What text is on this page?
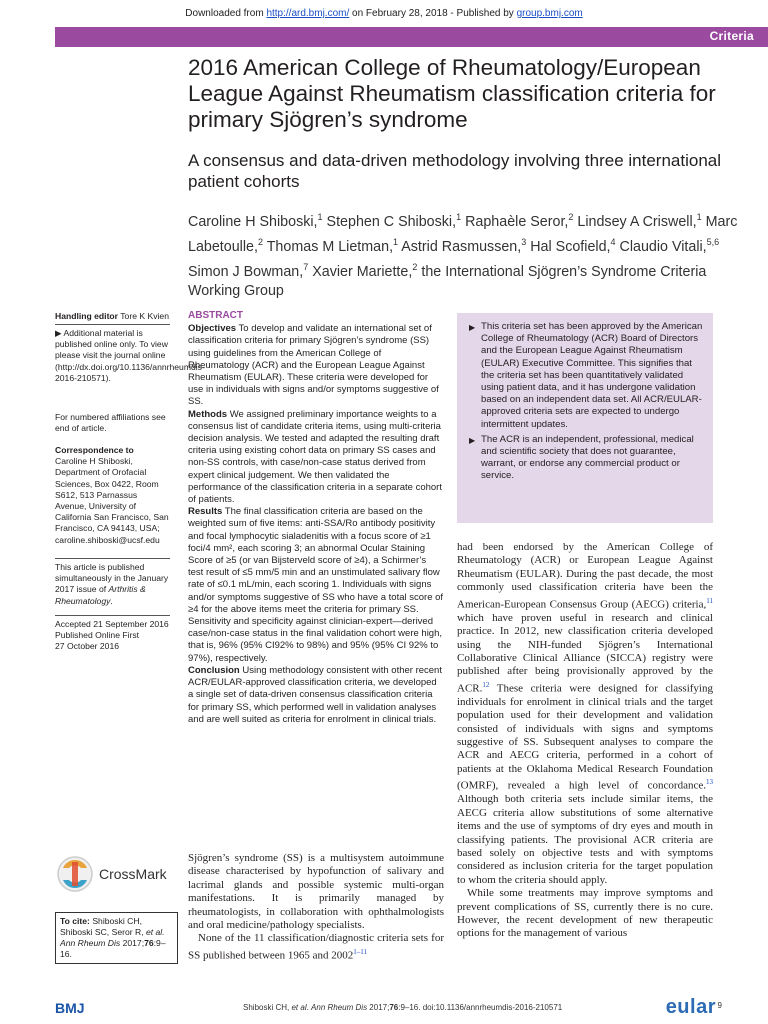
Downloaded from http://ard.bmj.com/ on February 28, 2018 - Published by group.bmj.com
Criteria
2016 American College of Rheumatology/European League Against Rheumatism classification criteria for primary Sjögren’s syndrome
A consensus and data-driven methodology involving three international patient cohorts
Caroline H Shiboski,$^1$ Stephen C Shiboski,$^1$ Raphaèle Seror,$^2$ Lindsey A Criswell,$^1$ Marc Labetoulle,$^2$ Thomas M Lietman,$^1$ Astrid Rasmussen,$^3$ Hal Scofield,$^4$ Claudio Vitali,$^{5,6}$ Simon J Bowman,$^7$ Xavier Mariette,$^2$ the International Sjögren’s Syndrome Criteria Working Group
Handling editor Tore K Kvien
▶ Additional material is published online only. To view please visit the journal online (http://dx.doi.org/10.1136/annrheumdis-2016-210571).
For numbered affiliations see end of article.
Correspondence to
Caroline H Shiboski, Department of Orofacial Sciences, Box 0422, Room S612, 513 Parnassus Avenue, University of California San Francisco, San Francisco, CA 94143, USA; caroline.shiboski@ucsf.edu
This article is published simultaneously in the January 2017 issue of Arthritis & Rheumatology.
Accepted 21 September 2016
Published Online First
27 October 2016
ABSTRACT

Objectives To develop and validate an international set of classification criteria for primary Sjögren’s syndrome (SS) using guidelines from the American College of Rheumatology (ACR) and the European League Against Rheumatism (EULAR). These criteria were developed for use in individuals with signs and/or symptoms suggestive of SS.

Methods We assigned preliminary importance weights to a consensus list of candidate criteria items, using multi-criteria decision analysis. We tested and adapted the resulting draft criteria using existing cohort data on primary SS cases and non-SS controls, with case/non-case status derived from expert clinical judgement. We then validated the performance of the classification criteria in a separate cohort of patients.

Results The final classification criteria are based on the weighted sum of five items: anti-SSA/Ro antibody positivity and focal lymphocytic sialadenitis with a focus score of ≥1 foci/4 mm², each scoring 3; an abnormal Ocular Staining Score of ≥5 (or van Bijsterveld score of ≥4), a Schirmer’s test result of ≤5 mm/5 min and an unstimulated salivary flow rate of ≤0.1 mL/min, each scoring 1. Individuals with signs and/or symptoms suggestive of SS who have a total score of ≥4 for the above items meet the criteria for primary SS. Sensitivity and specificity against clinician-expert—derived case/non-case status in the final validation cohort were high, that is, 96% (95% CI92% to 98%) and 95% (95% CI 92% to 97%), respectively.

Conclusion Using methodology consistent with other recent ACR/EULAR-approved classification criteria, we developed a single set of data-driven consensus classification criteria for primary SS, which performed well in validation analyses and are well suited as criteria for enrolment in clinical trials.

▶ This criteria set has been approved by the American College of Rheumatology (ACR) Board of Directors and the European League Against Rheumatism (EULAR) Executive Committee. This signifies that the criteria set has been quantitatively validated using patient data, and it has undergone validation based on an independent data set. All ACR/EULAR-approved criteria sets are expected to undergo intermittent updates.
▶ The ACR is an independent, professional, medical and scientific society that does not guarantee, warrant, or endorse any commercial product or service.

Sjögren’s syndrome (SS) is a multisystem autoimmune disease characterised by hypofunction of salivary and lacrimal glands and possible systemic multi-organ manifestations. It is primarily managed by rheumatologists, in collaboration with ophthalmologists and oral medicine/pathology specialists.

None of the 11 classification/diagnostic criteria sets for SS published between 1965 and 2002$^{1-11}$

had been endorsed by the American College of Rheumatology (ACR) or European League Against Rheumatism (EULAR). During the past decade, the most commonly used classification criteria have been the American-European Consensus Group (AECG) criteria,$^{11}$ which have proven useful in research and clinical practice. In 2012, new classification criteria developed using the NIH-funded Sjögren’s International Collaborative Clinical Alliance (SICCA) registry were published after being provisionally approved by the ACR.$^{12}$ These criteria were designed for classifying individuals for enrolment in clinical trials and the target population used for their development and validation consisted of individuals with signs and symptoms suggestive of SS. Subsequent analyses to compare the ACR and AECG criteria, performed in a cohort of patients at the Oklahoma Medical Research Foundation (OMRF), revealed a high level of concordance.$^{13}$ Although both criteria sets include similar items, the AECG criteria allow substitutions of some alternative items and the use of symptoms of dry eyes and mouth in classifying patients. The provisional ACR criteria are based solely on objective tests and with symptoms considered as inclusion criteria for the target population to whom the criteria should apply.

While some treatments may improve symptoms and prevent complications of SS, currently there is no cure. However, the recent development of new therapeutic options for the management of various

CrossMark
To cite: Shiboski CH, Shiboski SC, Seror R, et al. Ann Rheum Dis 2017;76:9–16.
BMJ	Shiboski CH, et al. Ann Rheum Dis 2017;76:9–16. doi:10.1136/annrheumdis-2016-210571	eular 9
